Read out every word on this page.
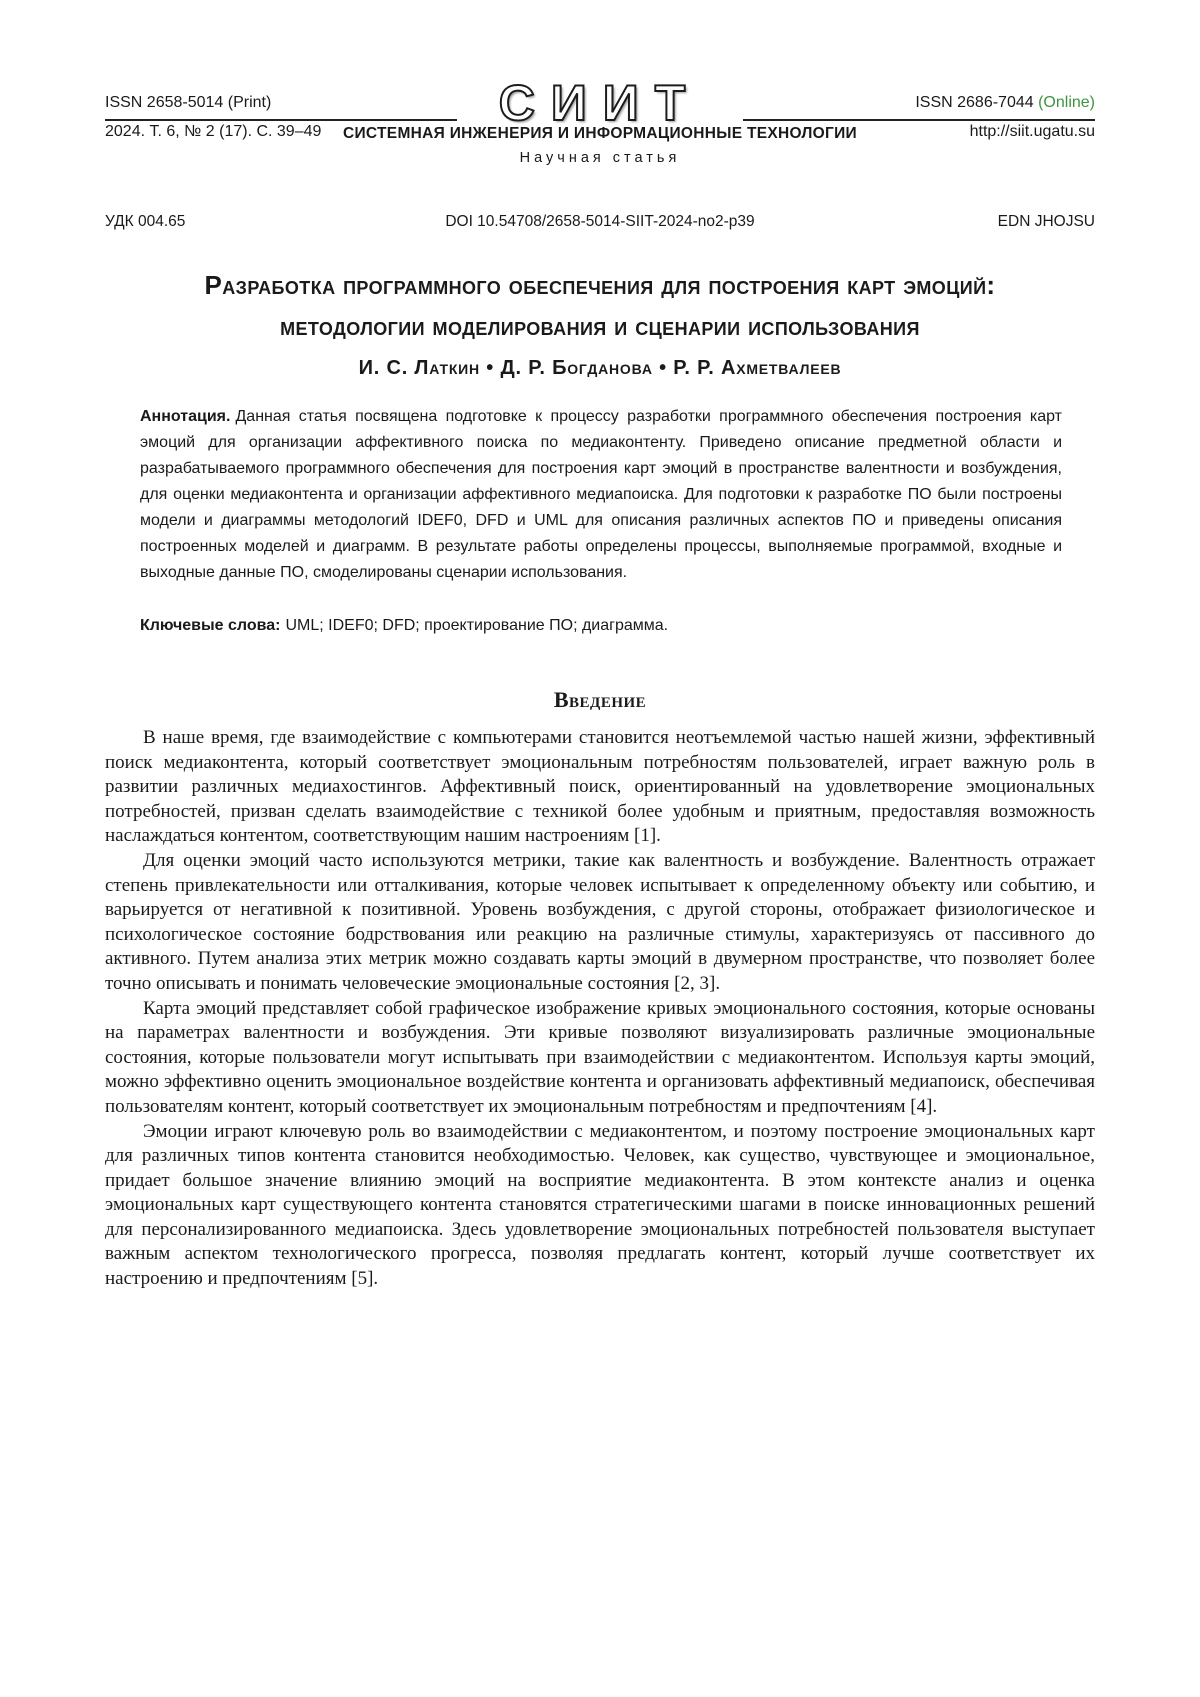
ISSN 2658-5014 (Print)
2024. Т. 6, № 2 (17). С. 39–49
ISSN 2686-7044 (Online)
http://siit.ugatu.su
СИИТ
СИСТЕМНАЯ ИНЖЕНЕРИЯ И ИНФОРМАЦИОННЫЕ ТЕХНОЛОГИИ
Научная статья
УДК 004.65	DOI 10.54708/2658-5014-SIIT-2024-no2-p39	EDN JHOJSU
Разработка программного обеспечения для построения карт эмоций:
методологии моделирования и сценарии использования
И. С. Латкин • Д. Р. Богданова • Р. Р. Ахметвалеев
Аннотация. Данная статья посвящена подготовке к процессу разработки программного обеспечения построения карт эмоций для организации аффективного поиска по медиаконтенту. Приведено описание предметной области и разрабатываемого программного обеспечения для построения карт эмоций в пространстве валентности и возбуждения, для оценки медиаконтента и организации аффективного медиапоиска. Для подготовки к разработке ПО были построены модели и диаграммы методологий IDEF0, DFD и UML для описания различных аспектов ПО и приведены описания построенных моделей и диаграмм. В результате работы определены процессы, выполняемые программой, входные и выходные данные ПО, смоделированы сценарии использования.
Ключевые слова: UML; IDEF0; DFD; проектирование ПО; диаграмма.
Введение

В наше время, где взаимодействие с компьютерами становится неотъемлемой частью нашей жизни, эффективный поиск медиаконтента, который соответствует эмоциональным потребностям пользователей, играет важную роль в развитии различных медиахостингов. Аффективный поиск, ориентированный на удовлетворение эмоциональных потребностей, призван сделать взаимодействие с техникой более удобным и приятным, предоставляя возможность наслаждаться контентом, соответствующим нашим настроениям [1].

Для оценки эмоций часто используются метрики, такие как валентность и возбуждение. Валентность отражает степень привлекательности или отталкивания, которые человек испытывает к определенному объекту или событию, и варьируется от негативной к позитивной. Уровень возбуждения, с другой стороны, отображает физиологическое и психологическое состояние бодрствования или реакцию на различные стимулы, характеризуясь от пассивного до активного. Путем анализа этих метрик можно создавать карты эмоций в двумерном пространстве, что позволяет более точно описывать и понимать человеческие эмоциональные состояния [2, 3].

Карта эмоций представляет собой графическое изображение кривых эмоционального состояния, которые основаны на параметрах валентности и возбуждения. Эти кривые позволяют визуализировать различные эмоциональные состояния, которые пользователи могут испытывать при взаимодействии с медиаконтентом. Используя карты эмоций, можно эффективно оценить эмоциональное воздействие контента и организовать аффективный медиапоиск, обеспечивая пользователям контент, который соответствует их эмоциональным потребностям и предпочтениям [4].

Эмоции играют ключевую роль во взаимодействии с медиаконтентом, и поэтому построение эмоциональных карт для различных типов контента становится необходимостью. Человек, как существо, чувствующее и эмоциональное, придает большое значение влиянию эмоций на восприятие медиаконтента. В этом контексте анализ и оценка эмоциональных карт существующего контента становятся стратегическими шагами в поиске инновационных решений для персонализированного медиапоиска. Здесь удовлетворение эмоциональных потребностей пользователя выступает важным аспектом технологического прогресса, позволяя предлагать контент, который лучше соответствует их настроению и предпочтениям [5].
